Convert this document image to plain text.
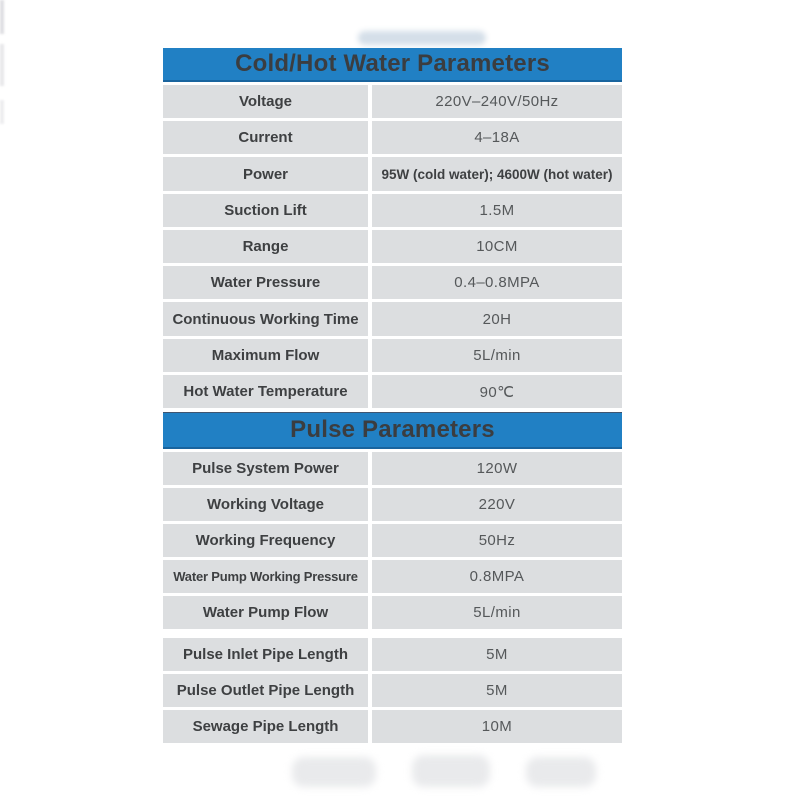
Cold/Hot Water Parameters
Voltage	220V–240V/50Hz
Current	4–18A
Power	95W (cold water); 4600W (hot water)
Suction Lift	1.5M
Range	10CM
Water Pressure	0.4–0.8MPA
Continuous Working Time	20H
Maximum Flow	5L/min
Hot Water Temperature	90℃
Pulse Parameters
Pulse System Power	120W
Working Voltage	220V
Working Frequency	50Hz
Water Pump Working Pressure	0.8MPA
Water Pump Flow	5L/min
Pulse Inlet Pipe Length	5M
Pulse Outlet Pipe Length	5M
Sewage Pipe Length	10M
